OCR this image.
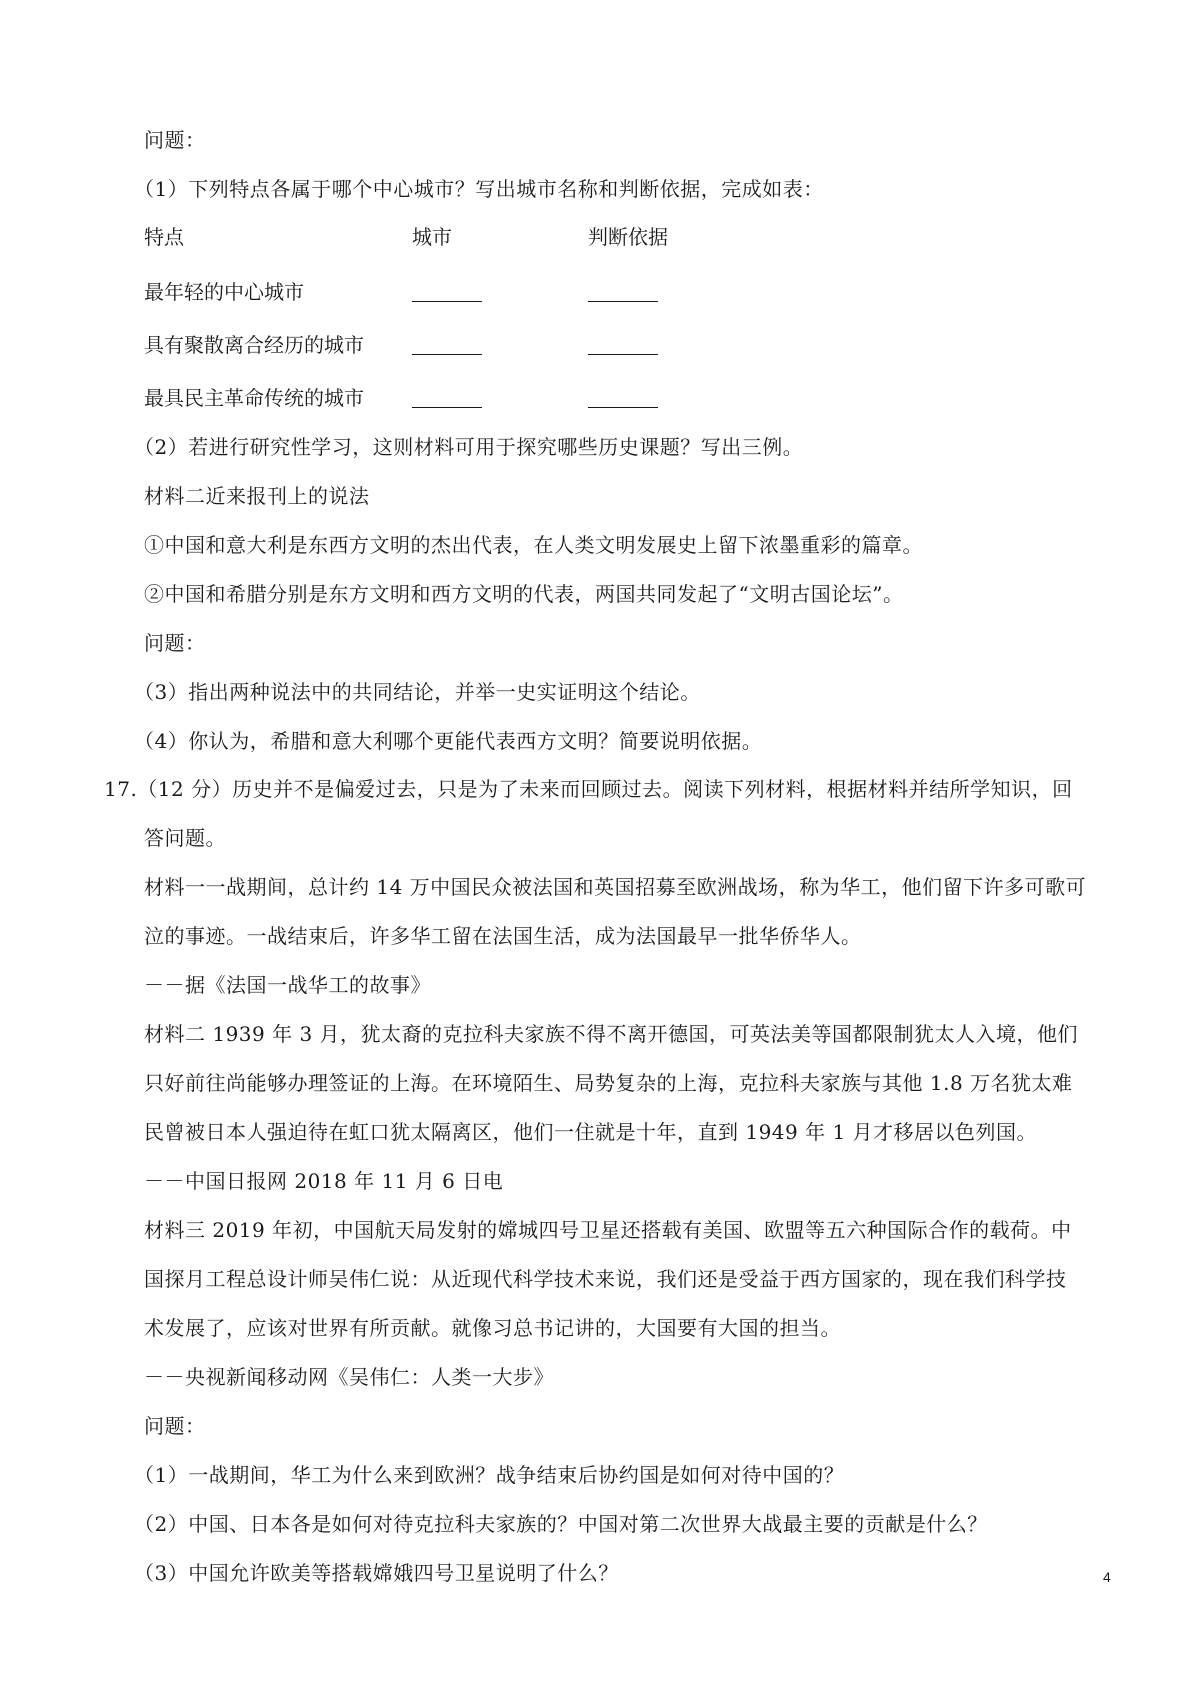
问题：
（1）下列特点各属于哪个中心城市？写出城市名称和判断依据，完成如表：
特点	城市	判断依据
最年轻的中心城市
具有聚散离合经历的城市
最具民主革命传统的城市
（2）若进行研究性学习，这则材料可用于探究哪些历史课题？写出三例。
材料二近来报刊上的说法
①中国和意大利是东西方文明的杰出代表，在人类文明发展史上留下浓墨重彩的篇章。
②中国和希腊分别是东方文明和西方文明的代表，两国共同发起了“文明古国论坛”。
问题：
（3）指出两种说法中的共同结论，并举一史实证明这个结论。
（4）你认为，希腊和意大利哪个更能代表西方文明？简要说明依据。
17.（12 分）历史并不是偏爱过去，只是为了未来而回顾过去。阅读下列材料，根据材料并结所学知识，回
答问题。
材料一一战期间，总计约 14 万中国民众被法国和英国招募至欧洲战场，称为华工，他们留下许多可歌可
泣的事迹。一战结束后，许多华工留在法国生活，成为法国最早一批华侨华人。
－－据《法国一战华工的故事》
材料二 1939 年 3 月，犹太裔的克拉科夫家族不得不离开德国，可英法美等国都限制犹太人入境，他们
只好前往尚能够办理签证的上海。在环境陌生、局势复杂的上海，克拉科夫家族与其他 1.8 万名犹太难
民曾被日本人强迫待在虹口犹太隔离区，他们一住就是十年，直到 1949 年 1 月才移居以色列国。
－－中国日报网 2018 年 11 月 6 日电
材料三 2019 年初，中国航天局发射的嫦城四号卫星还搭载有美国、欧盟等五六种国际合作的载荷。中
国探月工程总设计师吴伟仁说：从近现代科学技术来说，我们还是受益于西方国家的，现在我们科学技
术发展了，应该对世界有所贡献。就像习总书记讲的，大国要有大国的担当。
－－央视新闻移动网《吴伟仁：人类一大步》
问题：
（1）一战期间，华工为什么来到欧洲？战争结束后协约国是如何对待中国的？
（2）中国、日本各是如何对待克拉科夫家族的？中国对第二次世界大战最主要的贡献是什么？
（3）中国允许欧美等搭载嫦娥四号卫星说明了什么？	4
